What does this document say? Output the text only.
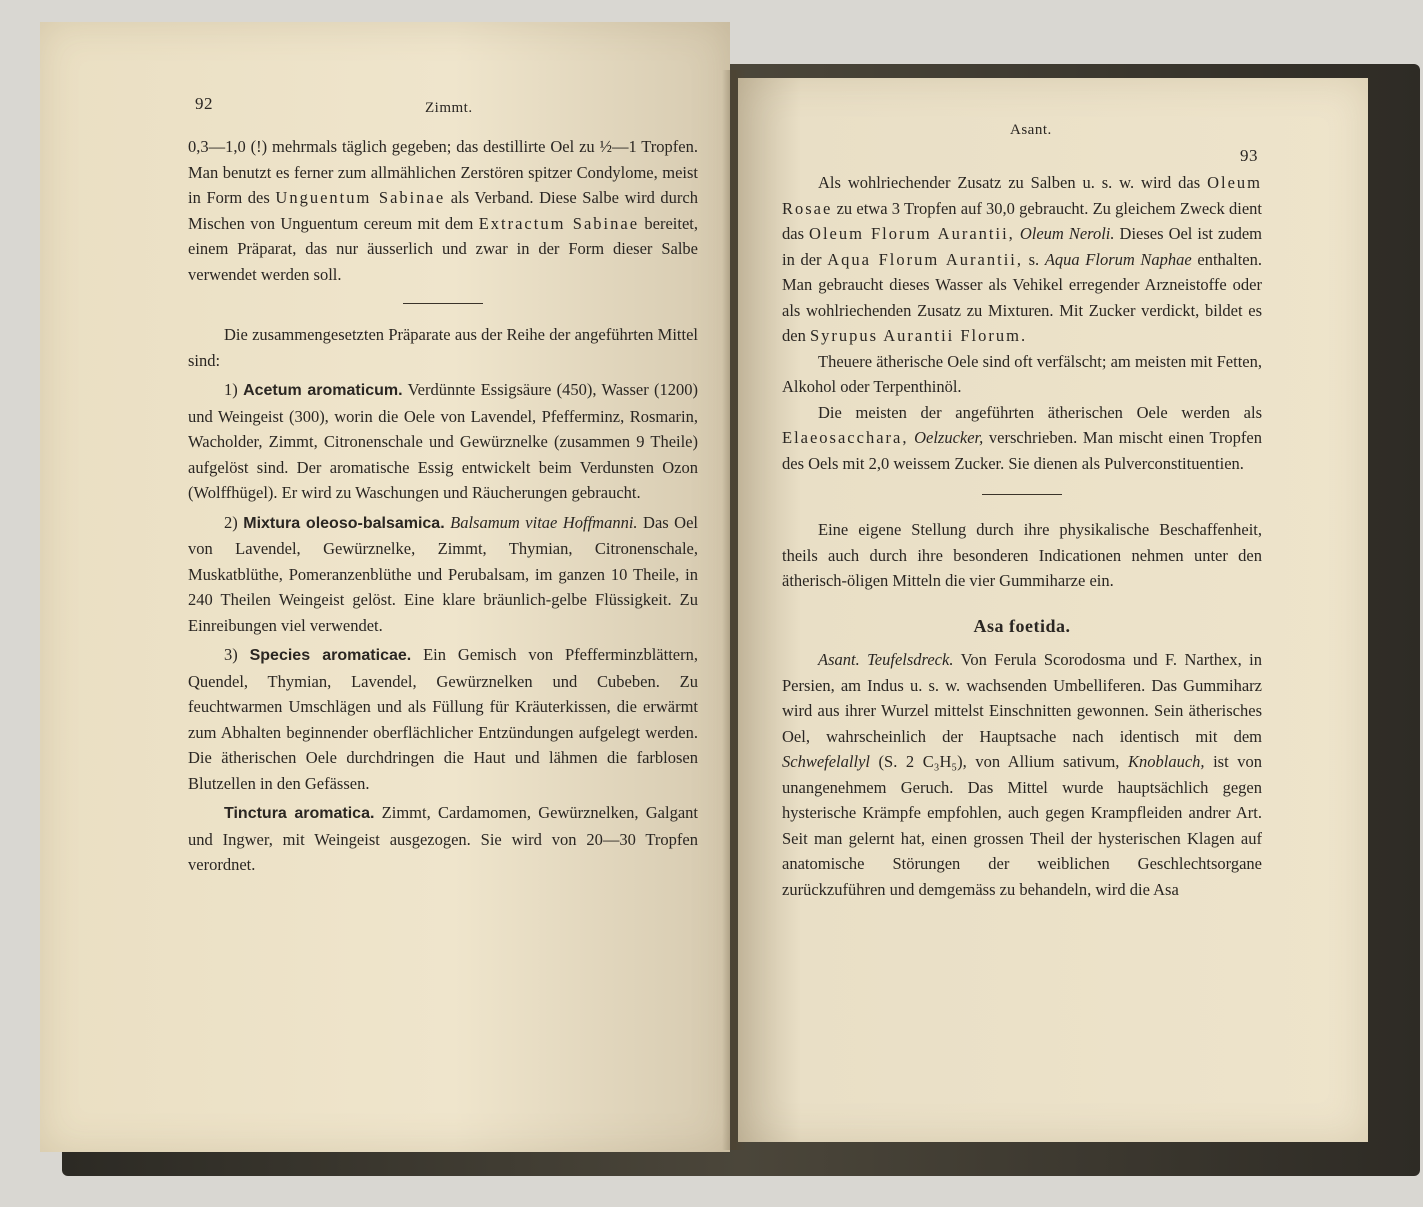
92	Zimmt.

0,3—1,0 (!) mehrmals täglich gegeben; das destillirte Oel zu ½—1 Tropfen. Man benutzt es ferner zum allmählichen Zerstören spitzer Condylome, meist in Form des Unguentum Sabinae als Verband. Diese Salbe wird durch Mischen von Unguentum cereum mit dem Extractum Sabinae bereitet, einem Präparat, das nur äusserlich und zwar in der Form dieser Salbe verwendet werden soll.

Die zusammengesetzten Präparate aus der Reihe der angeführten Mittel sind:

1) Acetum aromaticum. Verdünnte Essigsäure (450), Wasser (1200) und Weingeist (300), worin die Oele von Lavendel, Pfefferminz, Rosmarin, Wacholder, Zimmt, Citronenschale und Gewürznelke (zusammen 9 Theile) aufgelöst sind. Der aromatische Essig entwickelt beim Verdunsten Ozon (Wolffhügel). Er wird zu Waschungen und Räucherungen gebraucht.

2) Mixtura oleoso-balsamica. Balsamum vitae Hoffmanni. Das Oel von Lavendel, Gewürznelke, Zimmt, Thymian, Citronenschale, Muskatblüthe, Pomeranzenblüthe und Perubalsam, im ganzen 10 Theile, in 240 Theilen Weingeist gelöst. Eine klare bräunlich-gelbe Flüssigkeit. Zu Einreibungen viel verwendet.

3) Species aromaticae. Ein Gemisch von Pfefferminzblättern, Quendel, Thymian, Lavendel, Gewürznelken und Cubeben. Zu feuchtwarmen Umschlägen und als Füllung für Kräuterkissen, die erwärmt zum Abhalten beginnender oberflächlicher Entzündungen aufgelegt werden. Die ätherischen Oele durchdringen die Haut und lähmen die farblosen Blutzellen in den Gefässen.

Tinctura aromatica. Zimmt, Cardamomen, Gewürznelken, Galgant und Ingwer, mit Weingeist ausgezogen. Sie wird von 20—30 Tropfen verordnet.

Asant.
93

Als wohlriechender Zusatz zu Salben u. s. w. wird das Oleum Rosae zu etwa 3 Tropfen auf 30,0 gebraucht. Zu gleichem Zweck dient das Oleum Florum Aurantii, Oleum Neroli. Dieses Oel ist zudem in der Aqua Florum Aurantii, s. Aqua Florum Naphae enthalten. Man gebraucht dieses Wasser als Vehikel erregender Arzneistoffe oder als wohlriechenden Zusatz zu Mixturen. Mit Zucker verdickt, bildet es den Syrupus Aurantii Florum.

Theuere ätherische Oele sind oft verfälscht; am meisten mit Fetten, Alkohol oder Terpenthinöl.

Die meisten der angeführten ätherischen Oele werden als Elaeosacchara, Oelzucker, verschrieben. Man mischt einen Tropfen des Oels mit 2,0 weissem Zucker. Sie dienen als Pulverconstituentien.

Eine eigene Stellung durch ihre physikalische Beschaffenheit, theils auch durch ihre besonderen Indicationen nehmen unter den ätherisch-öligen Mitteln die vier Gummiharze ein.

Asa foetida.

Asant. Teufelsdreck. Von Ferula Scorodosma und F. Narthex, in Persien, am Indus u. s. w. wachsenden Umbelliferen. Das Gummiharz wird aus ihrer Wurzel mittelst Einschnitten gewonnen. Sein ätherisches Oel, wahrscheinlich der Hauptsache nach identisch mit dem Schwefelallyl (S. 2 C₃H₅), von Allium sativum, Knoblauch, ist von unangenehmem Geruch. Das Mittel wurde hauptsächlich gegen hysterische Krämpfe empfohlen, auch gegen Krampfleiden andrer Art. Seit man gelernt hat, einen grossen Theil der hysterischen Klagen auf anatomische Störungen der weiblichen Geschlechtsorgane zurückzuführen und demgemäss zu behandeln, wird die Asa
